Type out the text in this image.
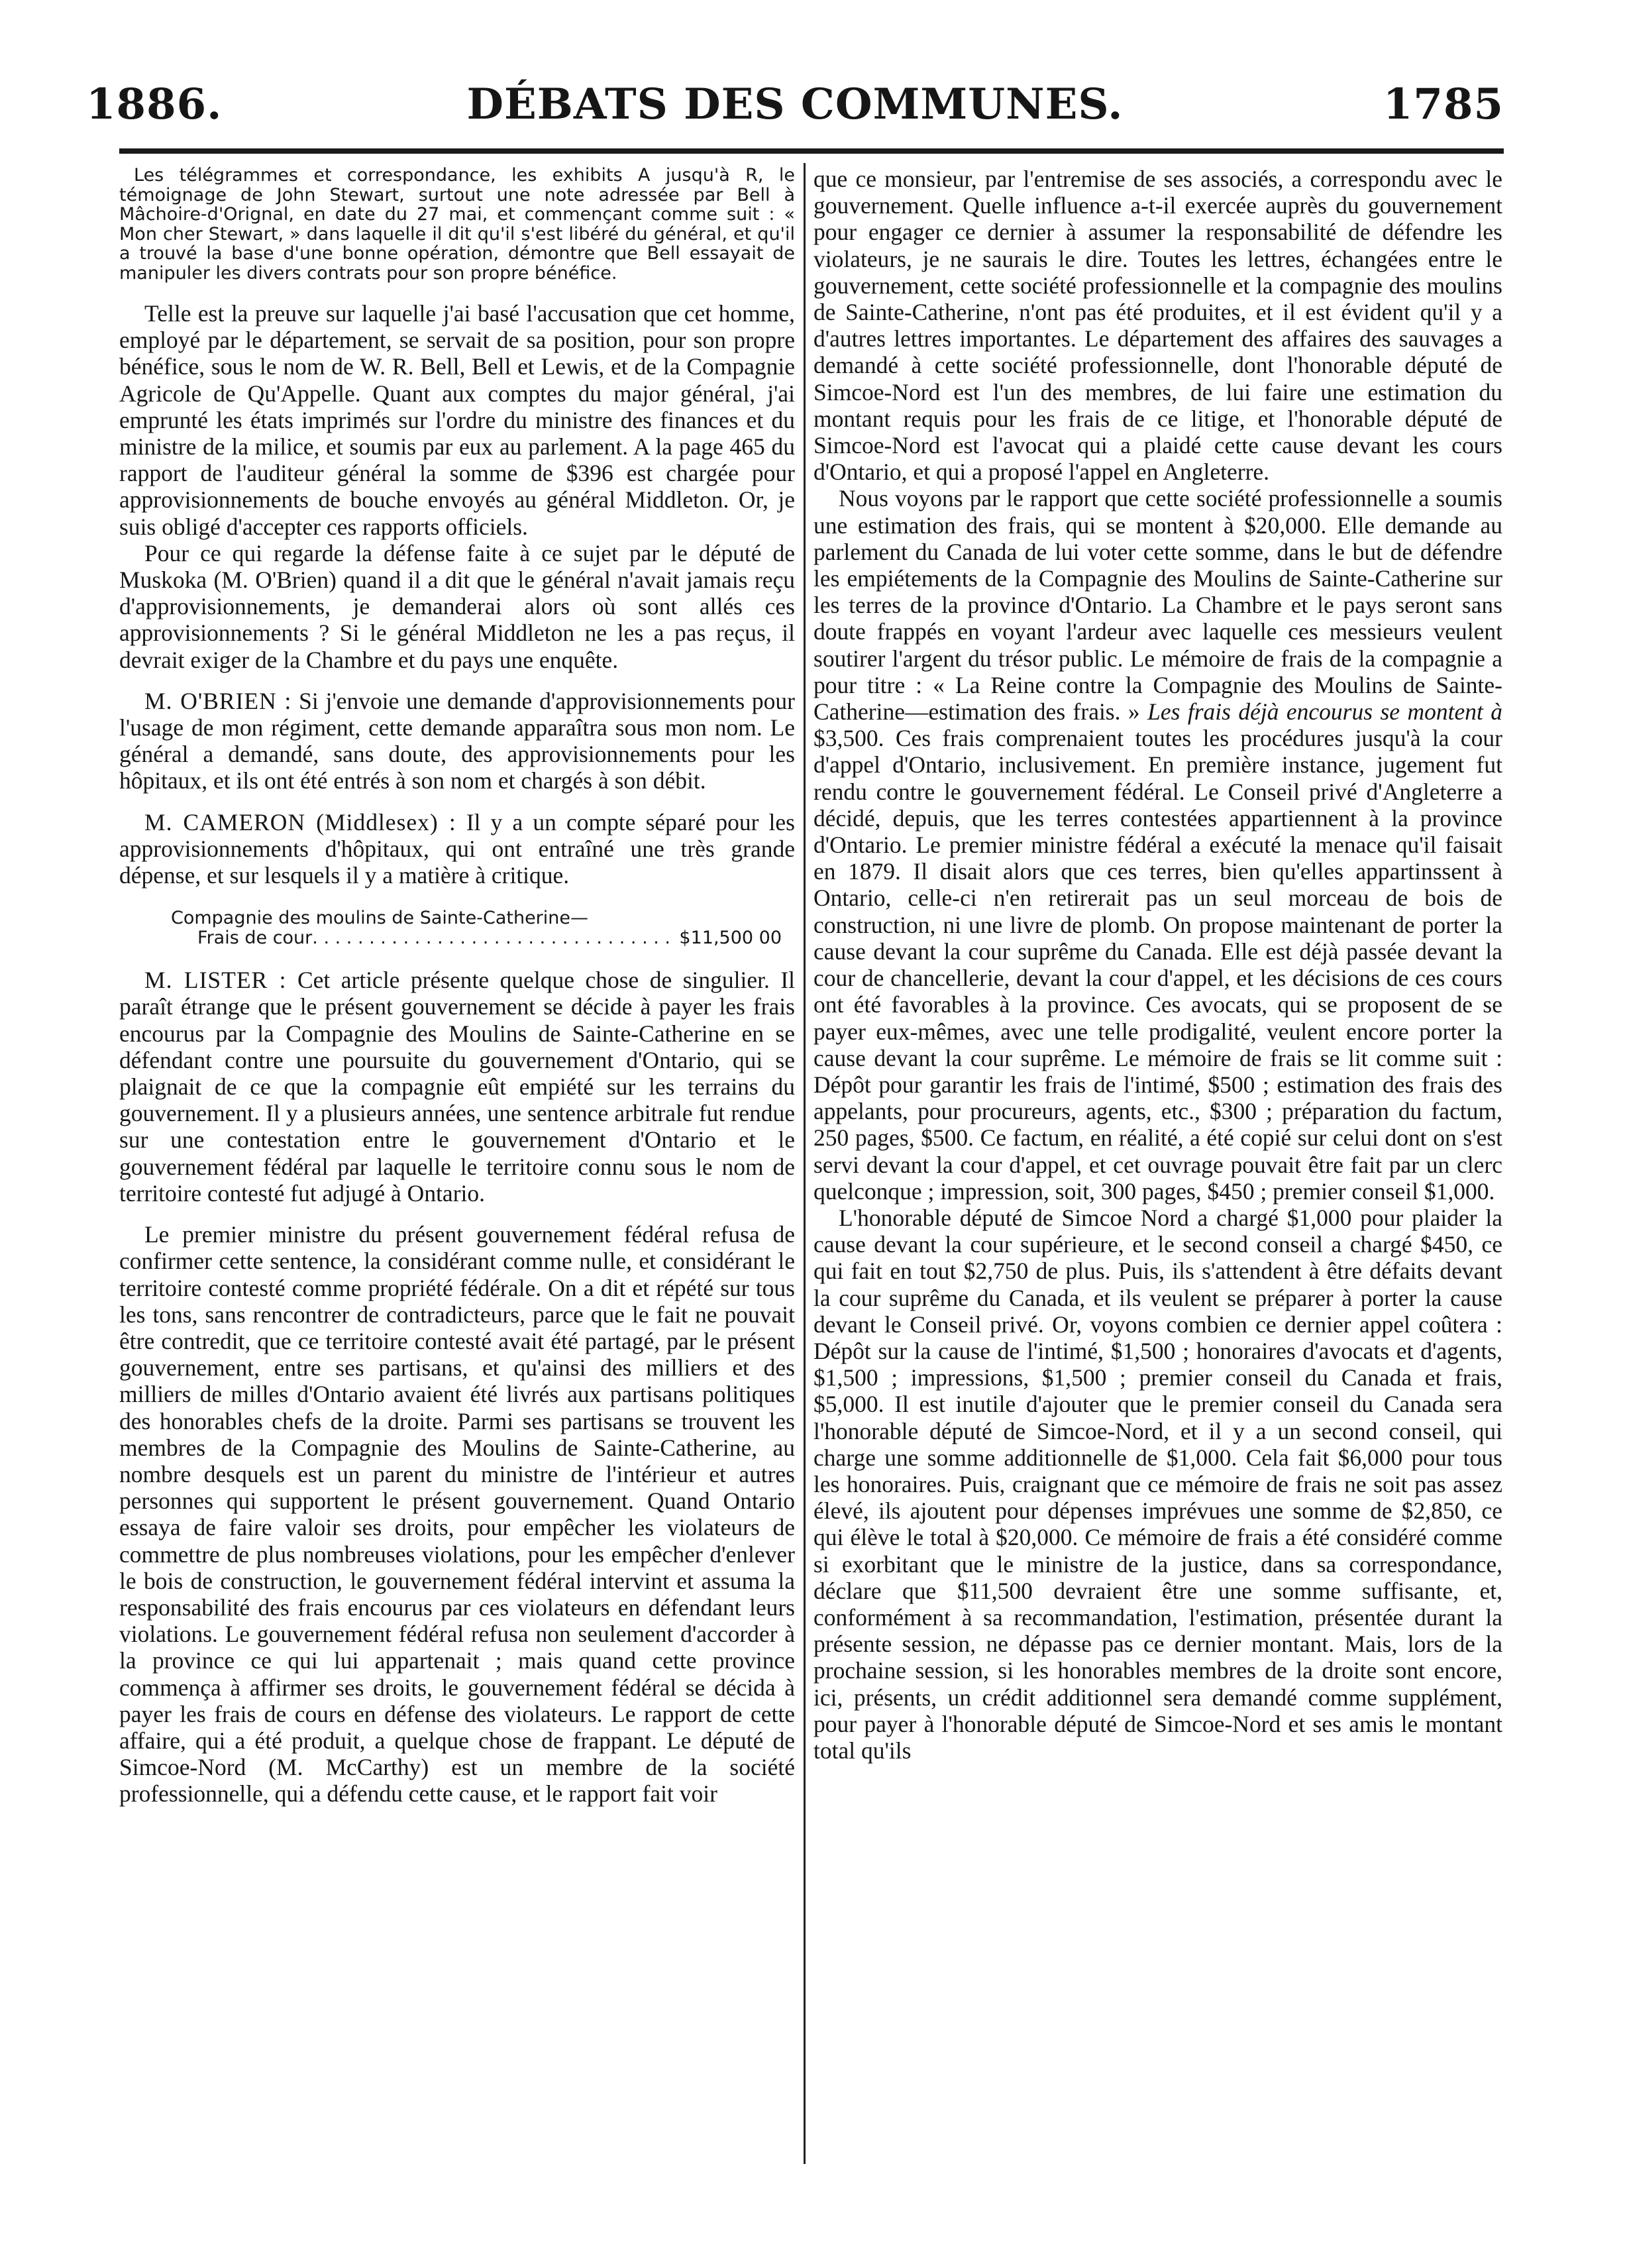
1886.	DÉBATS DES COMMUNES.	1785

Les télégrammes et correspondance, les exhibits A jusqu'à R, le témoignage de John Stewart, surtout une note adressée par Bell à Mâchoire-d'Orignal, en date du 27 mai, et commençant comme suit : « Mon cher Stewart, » dans laquelle il dit qu'il s'est libéré du général, et qu'il a trouvé la base d'une bonne opération, démontre que Bell essayait de manipuler les divers contrats pour son propre bénéfice.

Telle est la preuve sur laquelle j'ai basé l'accusation que cet homme, employé par le département, se servait de sa position, pour son propre bénéfice, sous le nom de W. R. Bell, Bell et Lewis, et de la Compagnie Agricole de Qu'Appelle. Quant aux comptes du major général, j'ai emprunté les états imprimés sur l'ordre du ministre des finances et du ministre de la milice, et soumis par eux au parlement. A la page 465 du rapport de l'auditeur général la somme de $396 est chargée pour approvisionnements de bouche envoyés au général Middleton. Or, je suis obligé d'accepter ces rapports officiels.

Pour ce qui regarde la défense faite à ce sujet par le député de Muskoka (M. O'Brien) quand il a dit que le général n'avait jamais reçu d'approvisionnements, je demanderai alors où sont allés ces approvisionnements ? Si le général Middleton ne les a pas reçus, il devrait exiger de la Chambre et du pays une enquête.

M. O'BRIEN : Si j'envoie une demande d'approvisionnements pour l'usage de mon régiment, cette demande apparaîtra sous mon nom. Le général a demandé, sans doute, des approvisionnements pour les hôpitaux, et ils ont été entrés à son nom et chargés à son débit.

M. CAMERON (Middlesex) : Il y a un compte séparé pour les approvisionnements d'hôpitaux, qui ont entraîné une très grande dépense, et sur lesquels il y a matière à critique.

Compagnie des moulins de Sainte-Catherine—
Frais de cour
. . .	$11,500 00

M. LISTER : Cet article présente quelque chose de singulier. Il paraît étrange que le présent gouvernement se décide à payer les frais encourus par la Compagnie des Moulins de Sainte-Catherine en se défendant contre une poursuite du gouvernement d'Ontario, qui se plaignait de ce que la compagnie eût empiété sur les terrains du gouvernement. Il y a plusieurs années, une sentence arbitrale fut rendue sur une contestation entre le gouvernement d'Ontario et le gouvernement fédéral par laquelle le territoire connu sous le nom de territoire contesté fut adjugé à Ontario.

Le premier ministre du présent gouvernement fédéral refusa de confirmer cette sentence, la considérant comme nulle, et considérant le territoire contesté comme propriété fédérale. On a dit et répété sur tous les tons, sans rencontrer de contradicteurs, parce que le fait ne pouvait être contredit, que ce territoire contesté avait été partagé, par le présent gouvernement, entre ses partisans, et qu'ainsi des milliers et des milliers de milles d'Ontario avaient été livrés aux partisans politiques des honorables chefs de la droite. Parmi ses partisans se trouvent les membres de la Compagnie des Moulins de Sainte-Catherine, au nombre desquels est un parent du ministre de l'intérieur et autres personnes qui supportent le présent gouvernement. Quand Ontario essaya de faire valoir ses droits, pour empêcher les violateurs de commettre de plus nombreuses violations, pour les empêcher d'enlever le bois de construction, le gouvernement fédéral intervint et assuma la responsabilité des frais encourus par ces violateurs en défendant leurs violations. Le gouvernement fédéral refusa non seulement d'accorder à la province ce qui lui appartenait ; mais quand cette province commença à affirmer ses droits, le gouvernement fédéral se décida à payer les frais de cours en défense des violateurs. Le rapport de cette affaire, qui a été produit, a quelque chose de frappant. Le député de Simcoe-Nord (M. McCarthy) est un membre de la société professionnelle, qui a défendu cette cause, et le rapport fait voir

que ce monsieur, par l'entremise de ses associés, a correspondu avec le gouvernement. Quelle influence a-t-il exercée auprès du gouvernement pour engager ce dernier à assumer la responsabilité de défendre les violateurs, je ne saurais le dire. Toutes les lettres, échangées entre le gouvernement, cette société professionnelle et la compagnie des moulins de Sainte-Catherine, n'ont pas été produites, et il est évident qu'il y a d'autres lettres importantes. Le département des affaires des sauvages a demandé à cette société professionnelle, dont l'honorable député de Simcoe-Nord est l'un des membres, de lui faire une estimation du montant requis pour les frais de ce litige, et l'honorable député de Simcoe-Nord est l'avocat qui a plaidé cette cause devant les cours d'Ontario, et qui a proposé l'appel en Angleterre.

Nous voyons par le rapport que cette société professionnelle a soumis une estimation des frais, qui se montent à $20,000. Elle demande au parlement du Canada de lui voter cette somme, dans le but de défendre les empiétements de la Compagnie des Moulins de Sainte-Catherine sur les terres de la province d'Ontario. La Chambre et le pays seront sans doute frappés en voyant l'ardeur avec laquelle ces messieurs veulent soutirer l'argent du trésor public. Le mémoire de frais de la compagnie a pour titre : « La Reine contre la Compagnie des Moulins de Sainte-Catherine—estimation des frais. » Les frais déjà encourus se montent à $3,500. Ces frais comprenaient toutes les procédures jusqu'à la cour d'appel d'Ontario, inclusivement. En première instance, jugement fut rendu contre le gouvernement fédéral. Le Conseil privé d'Angleterre a décidé, depuis, que les terres contestées appartiennent à la province d'Ontario. Le premier ministre fédéral a exécuté la menace qu'il faisait en 1879. Il disait alors que ces terres, bien qu'elles appartinssent à Ontario, celle-ci n'en retirerait pas un seul morceau de bois de construction, ni une livre de plomb. On propose maintenant de porter la cause devant la cour suprême du Canada. Elle est déjà passée devant la cour de chancellerie, devant la cour d'appel, et les décisions de ces cours ont été favorables à la province. Ces avocats, qui se proposent de se payer eux-mêmes, avec une telle prodigalité, veulent encore porter la cause devant la cour suprême. Le mémoire de frais se lit comme suit : Dépôt pour garantir les frais de l'intimé, $500 ; estimation des frais des appelants, pour procureurs, agents, etc., $300 ; préparation du factum, 250 pages, $500. Ce factum, en réalité, a été copié sur celui dont on s'est servi devant la cour d'appel, et cet ouvrage pouvait être fait par un clerc quelconque ; impression, soit, 300 pages, $450 ; premier conseil $1,000.

L'honorable député de Simcoe Nord a chargé $1,000 pour plaider la cause devant la cour supérieure, et le second conseil a chargé $450, ce qui fait en tout $2,750 de plus. Puis, ils s'attendent à être défaits devant la cour suprême du Canada, et ils veulent se préparer à porter la cause devant le Conseil privé. Or, voyons combien ce dernier appel coûtera : Dépôt sur la cause de l'intimé, $1,500 ; honoraires d'avocats et d'agents, $1,500 ; impressions, $1,500 ; premier conseil du Canada et frais, $5,000. Il est inutile d'ajouter que le premier conseil du Canada sera l'honorable député de Simcoe-Nord, et il y a un second conseil, qui charge une somme additionnelle de $1,000. Cela fait $6,000 pour tous les honoraires. Puis, craignant que ce mémoire de frais ne soit pas assez élevé, ils ajoutent pour dépenses imprévues une somme de $2,850, ce qui élève le total à $20,000. Ce mémoire de frais a été considéré comme si exorbitant que le ministre de la justice, dans sa correspondance, déclare que $11,500 devraient être une somme suffisante, et, conformément à sa recommandation, l'estimation, présentée durant la présente session, ne dépasse pas ce dernier montant. Mais, lors de la prochaine session, si les honorables membres de la droite sont encore, ici, présents, un crédit additionnel sera demandé comme supplément, pour payer à l'honorable député de Simcoe-Nord et ses amis le montant total qu'ils
